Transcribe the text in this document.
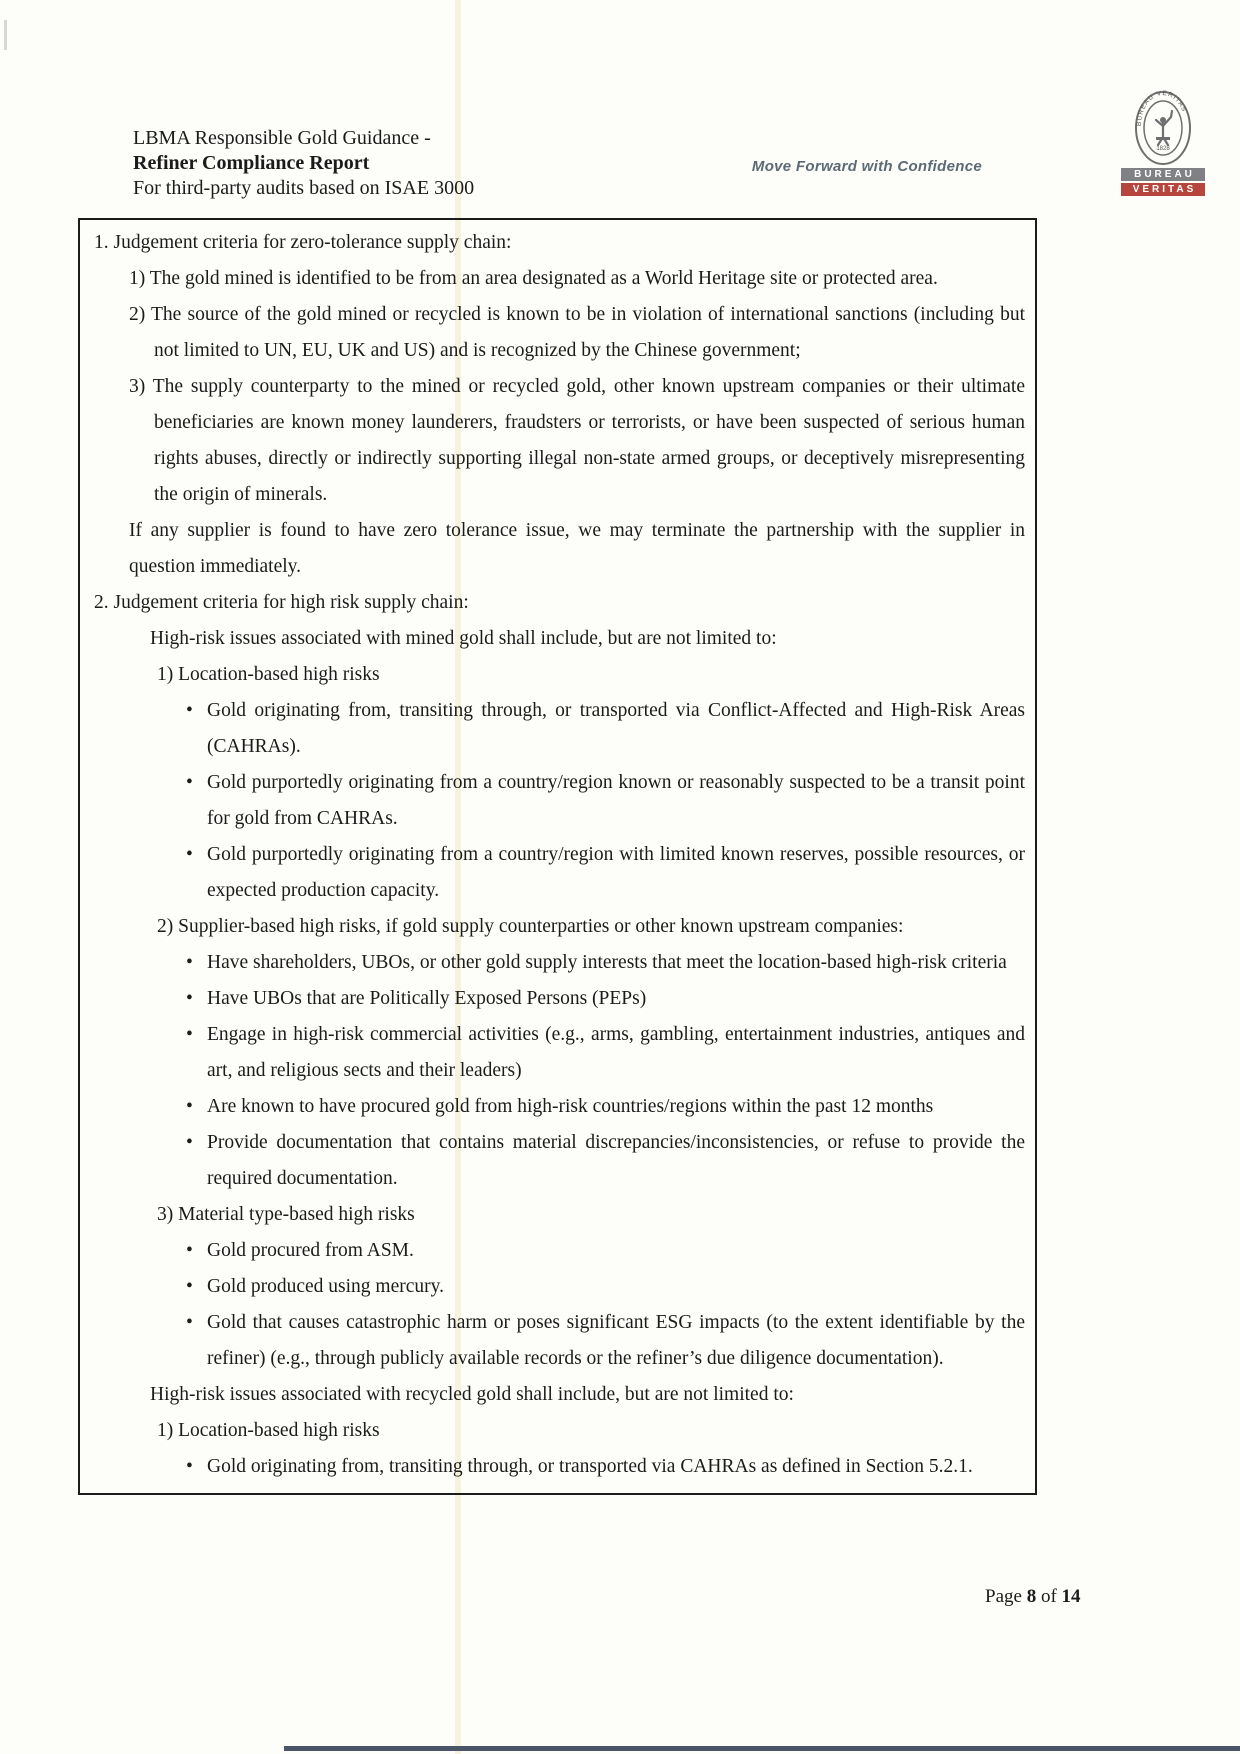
LBMA Responsible Gold Guidance -
Refiner Compliance Report
For third-party audits based on ISAE 3000
Move Forward with Confidence
BUREAU VERITAS
1828
BUREAU
VERITAS
1. Judgement criteria for zero-tolerance supply chain:
1) The gold mined is identified to be from an area designated as a World Heritage site or protected area.
2) The source of the gold mined or recycled is known to be in violation of international sanctions (including but not limited to UN, EU, UK and US) and is recognized by the Chinese government;
3) The supply counterparty to the mined or recycled gold, other known upstream companies or their ultimate beneficiaries are known money launderers, fraudsters or terrorists, or have been suspected of serious human rights abuses, directly or indirectly supporting illegal non-state armed groups, or deceptively misrepresenting the origin of minerals.
If any supplier is found to have zero tolerance issue, we may terminate the partnership with the supplier in question immediately.
2. Judgement criteria for high risk supply chain:
High-risk issues associated with mined gold shall include, but are not limited to:
1) Location-based high risks
• Gold originating from, transiting through, or transported via Conflict-Affected and High-Risk Areas (CAHRAs).
• Gold purportedly originating from a country/region known or reasonably suspected to be a transit point for gold from CAHRAs.
• Gold purportedly originating from a country/region with limited known reserves, possible resources, or expected production capacity.
2) Supplier-based high risks, if gold supply counterparties or other known upstream companies:
• Have shareholders, UBOs, or other gold supply interests that meet the location-based high-risk criteria
• Have UBOs that are Politically Exposed Persons (PEPs)
• Engage in high-risk commercial activities (e.g., arms, gambling, entertainment industries, antiques and art, and religious sects and their leaders)
• Are known to have procured gold from high-risk countries/regions within the past 12 months
• Provide documentation that contains material discrepancies/inconsistencies, or refuse to provide the required documentation.
3) Material type-based high risks
• Gold procured from ASM.
• Gold produced using mercury.
• Gold that causes catastrophic harm or poses significant ESG impacts (to the extent identifiable by the refiner) (e.g., through publicly available records or the refiner’s due diligence documentation).
High-risk issues associated with recycled gold shall include, but are not limited to:
1) Location-based high risks
• Gold originating from, transiting through, or transported via CAHRAs as defined in Section 5.2.1.
Page 8 of 14
